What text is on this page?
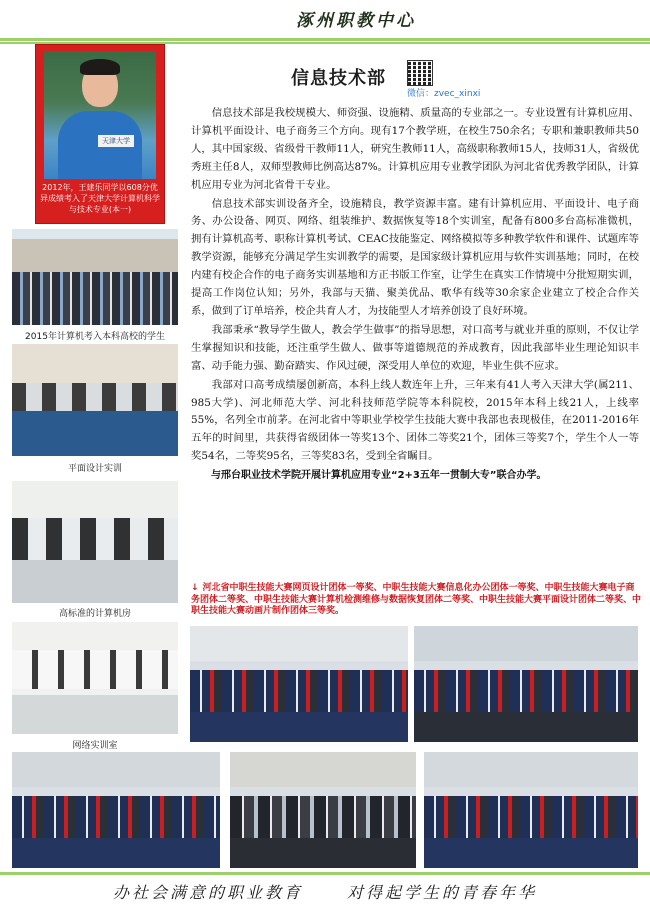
涿州职教中心
天津大学
2012年，王建乐同学以608分优异成绩考入了天津大学计算机科学与技术专业(本一)
2015年计算机考入本科高校的学生
平面设计实训
高标准的计算机房
网络实训室
信息技术部
微信：zvec_xinxi

信息技术部是我校规模大、师资强、设施精、质量高的专业部之一。专业设置有计算机应用、计算机平面设计、电子商务三个方向。现有17个教学班，在校生750余名；专职和兼职教师共50人，其中国家级、省级骨干教师11人，研究生教师11人，高级职称教师15人，技师31人，省级优秀班主任8人，双师型教师比例高达87%。计算机应用专业教学团队为河北省优秀教学团队，计算机应用专业为河北省骨干专业。

信息技术部实训设备齐全，设施精良，教学资源丰富。建有计算机应用、平面设计、电子商务、办公设备、网页、网络、组装维护、数据恢复等18个实训室，配备有800多台高标准微机，拥有计算机高考、职称计算机考试、CEAC技能鉴定、网络模拟等多种教学软件和课件、试题库等教学资源，能够充分满足学生实训教学的需要，是国家级计算机应用与软件实训基地；同时，在校内建有校企合作的电子商务实训基地和方正书版工作室，让学生在真实工作情境中分批短期实训，提高工作岗位认知；另外，我部与天猫、聚美优品、歌华有线等30余家企业建立了校企合作关系，做到了订单培养，校企共育人才，为技能型人才培养创设了良好环境。

我部秉承“教导学生做人，教会学生做事”的指导思想，对口高考与就业并重的原则，不仅让学生掌握知识和技能，还注重学生做人、做事等道德规范的养成教育，因此我部毕业生理论知识丰富、动手能力强、勤奋踏实、作风过硬，深受用人单位的欢迎，毕业生供不应求。

我部对口高考成绩屡创新高，本科上线人数连年上升，三年来有41人考入天津大学(属211、985大学)、河北师范大学、河北科技师范学院等本科院校，2015年本科上线21人，上线率55%，名列全市前茅。在河北省中等职业学校学生技能大赛中我部也表现极佳，在2011-2016年五年的时间里，共获得省级团体一等奖13个、团体二等奖21个，团体三等奖7个，学生个人一等奖54名，二等奖95名，三等奖83名，受到全省瞩目。

与邢台职业技术学院开展计算机应用专业“2+3五年一贯制大专”联合办学。

↓ 河北省中职生技能大赛网页设计团体一等奖、中职生技能大赛信息化办公团体一等奖、中职生技能大赛电子商务团体二等奖、中职生技能大赛计算机检测维修与数据恢复团体二等奖、中职生技能大赛平面设计团体二等奖、中职生技能大赛动画片制作团体三等奖。
办社会满意的职业教育	对得起学生的青春年华
